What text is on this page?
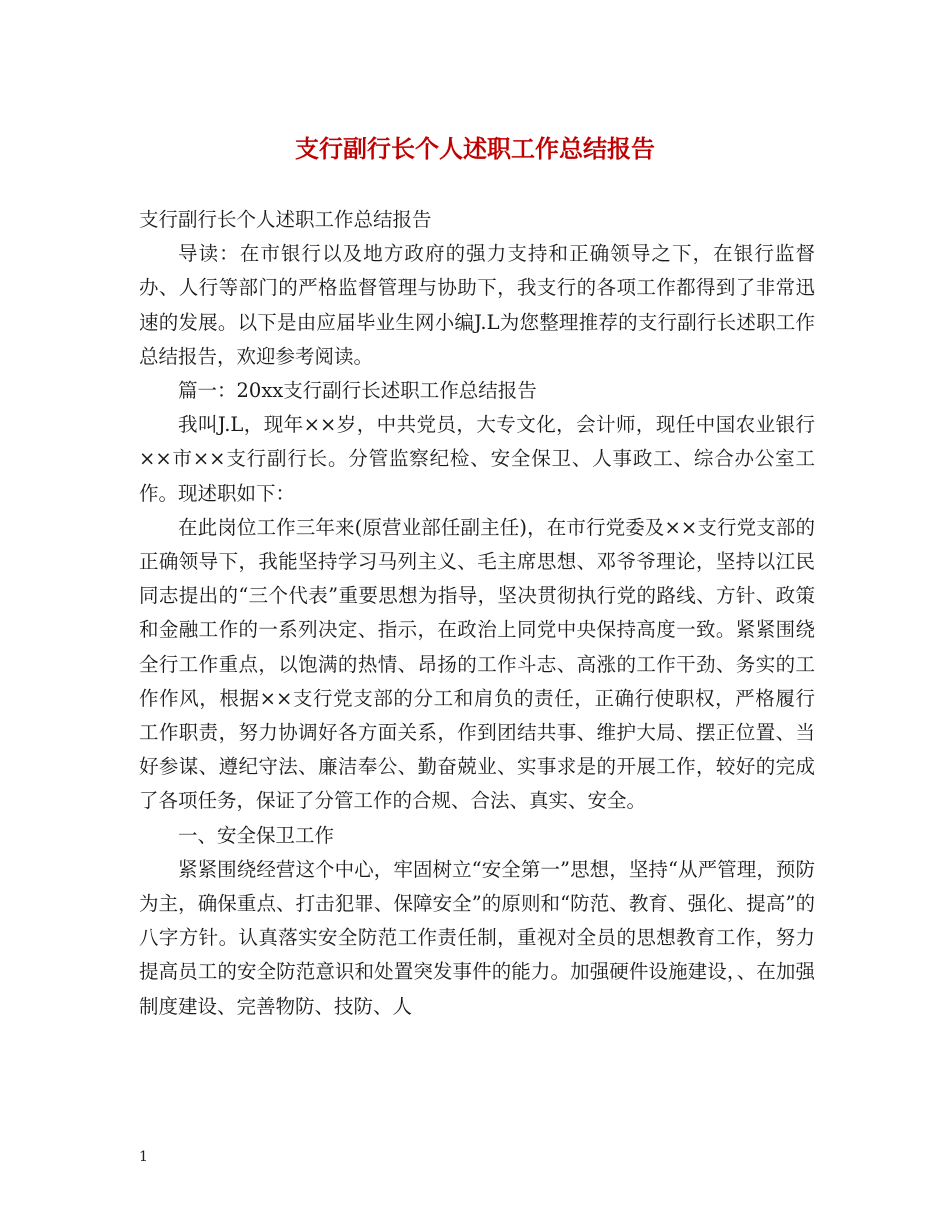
支行副行长个人述职工作总结报告

支行副行长个人述职工作总结报告

导读：在市银行以及地方政府的强力支持和正确领导之下，在银行监督办、人行等部门的严格监督管理与协助下，我支行的各项工作都得到了非常迅速的发展。以下是由应届毕业生网小编J.L为您整理推荐的支行副行长述职工作总结报告，欢迎参考阅读。

篇一：20xx支行副行长述职工作总结报告

我叫J.L，现年××岁，中共党员，大专文化，会计师，现任中国农业银行××市××支行副行长。分管监察纪检、安全保卫、人事政工、综合办公室工作。现述职如下：

在此岗位工作三年来(原营业部任副主任)，在市行党委及××支行党支部的正确领导下，我能坚持学习马列主义、毛主席思想、邓爷爷理论，坚持以江民同志提出的“三个代表”重要思想为指导，坚决贯彻执行党的路线、方针、政策和金融工作的一系列决定、指示，在政治上同党中央保持高度一致。紧紧围绕全行工作重点，以饱满的热情、昂扬的工作斗志、高涨的工作干劲、务实的工作作风，根据××支行党支部的分工和肩负的责任，正确行使职权，严格履行工作职责，努力协调好各方面关系，作到团结共事、维护大局、摆正位置、当好参谋、遵纪守法、廉洁奉公、勤奋兢业、实事求是的开展工作，较好的完成了各项任务，保证了分管工作的合规、合法、真实、安全。

一、安全保卫工作

紧紧围绕经营这个中心，牢固树立“安全第一”思想，坚持“从严管理，预防为主，确保重点、打击犯罪、保障安全”的原则和“防范、教育、强化、提高”的八字方针。认真落实安全防范工作责任制，重视对全员的思想教育工作，努力提高员工的安全防范意识和处置突发事件的能力。加强硬件设施建设，、在加强制度建设、完善物防、技防、人

1
